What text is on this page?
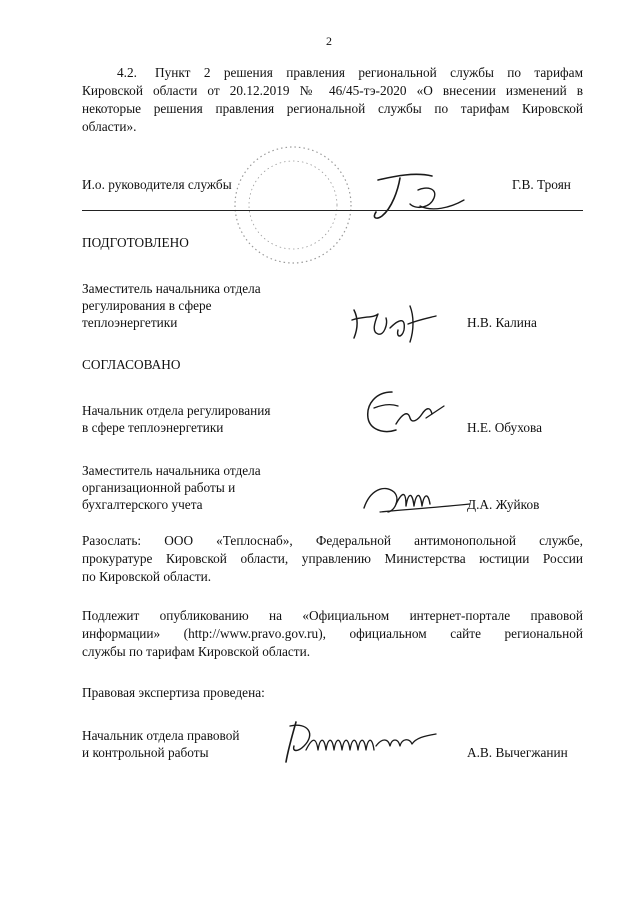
2
4.2. Пункт 2 решения правления региональной службы по тарифам
Кировской области от 20.12.2019 № 46/45-тэ-2020 «О внесении изменений в
некоторые решения правления региональной службы по тарифам Кировской
области».
И.о. руководителя службы	Г.В. Троян
ПОДГОТОВЛЕНО
Заместитель начальника отдела
регулирования в сфере
теплоэнергетики	Н.В. Калина
СОГЛАСОВАНО
Начальник отдела регулирования
в сфере теплоэнергетики	Н.Е. Обухова
Заместитель начальника отдела
организационной работы и
бухгалтерского учета	Д.А. Жуйков
Разослать: ООО «Теплоснаб», Федеральной антимонопольной службе,
прокуратуре Кировской области, управлению Министерства юстиции России
по Кировской области.
Подлежит опубликованию на «Официальном интернет-портале правовой
информации» (http://www.pravo.gov.ru), официальном сайте региональной
службы по тарифам Кировской области.
Правовая экспертиза проведена:
Начальник отдела правовой
и контрольной работы	А.В. Вычегжанин
